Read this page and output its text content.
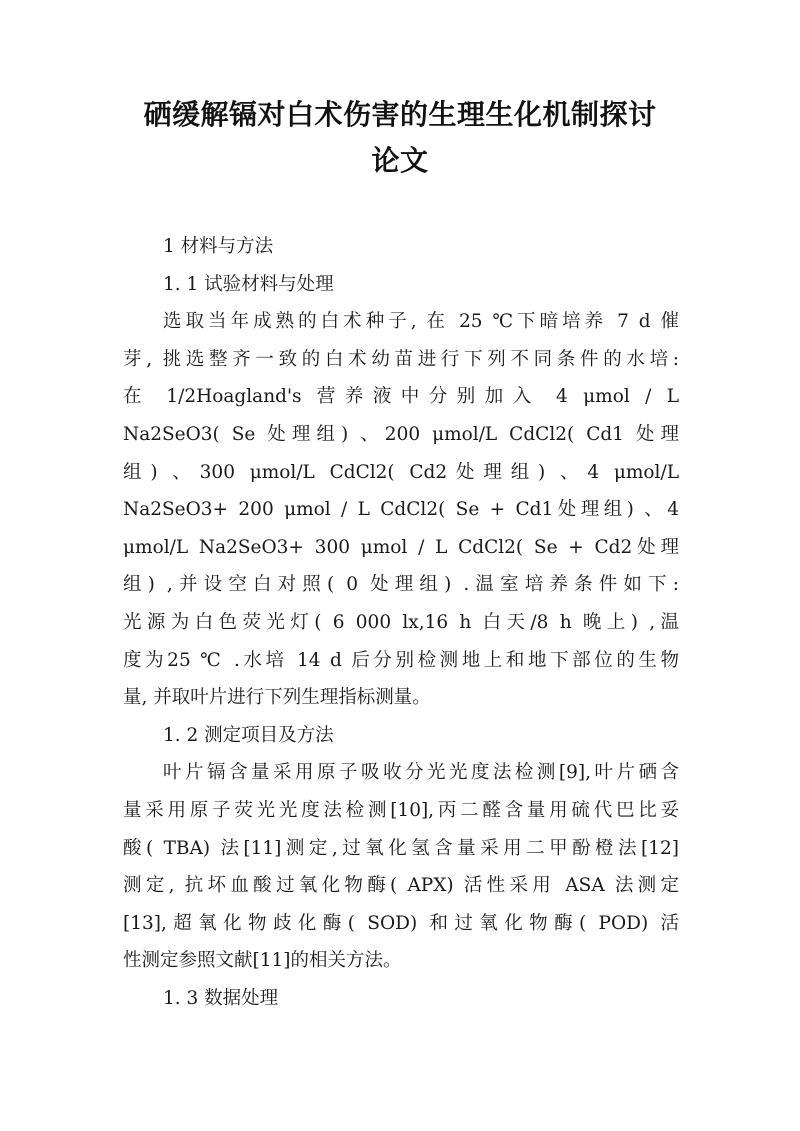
硒缓解镉对白术伤害的生理生化机制探讨
论文

1 材料与方法

1. 1 试验材料与处理

选取当年成熟的白术种子, 在 25 ℃下暗培养 7 d 催

芽, 挑选整齐一致的白术幼苗进行下列不同条件的水培:

在 1/2Hoagland's 营养液中分别加入 4 μmol / L

Na2SeO3( Se 处理组) 、200 μmol/L CdCl2( Cd1 处理

组) 、300 μmol/L CdCl2( Cd2处理组) 、4 μmol/L

Na2SeO3+ 200 μmol / L CdCl2( Se + Cd1处理组) 、4

μmol/L Na2SeO3+ 300 μmol / L CdCl2( Se + Cd2处理

组) ,并设空白对照( 0 处理组) .温室培养条件如下:

光源为白色荧光灯( 6 000 lx,16 h 白天/8 h 晚上) ,温

度为25 ℃ .水培 14 d 后分别检测地上和地下部位的生物

量, 并取叶片进行下列生理指标测量。

1. 2 测定项目及方法

叶片镉含量采用原子吸收分光光度法检测[9],叶片硒含

量采用原子荧光光度法检测[10],丙二醛含量用硫代巴比妥

酸( TBA) 法[11]测定,过氧化氢含量采用二甲酚橙法[12]

测定, 抗坏血酸过氧化物酶( APX) 活性采用 ASA 法测定

[13],超氧化物歧化酶( SOD) 和过氧化物酶( POD) 活

性测定参照文献[11]的相关方法。

1. 3 数据处理
